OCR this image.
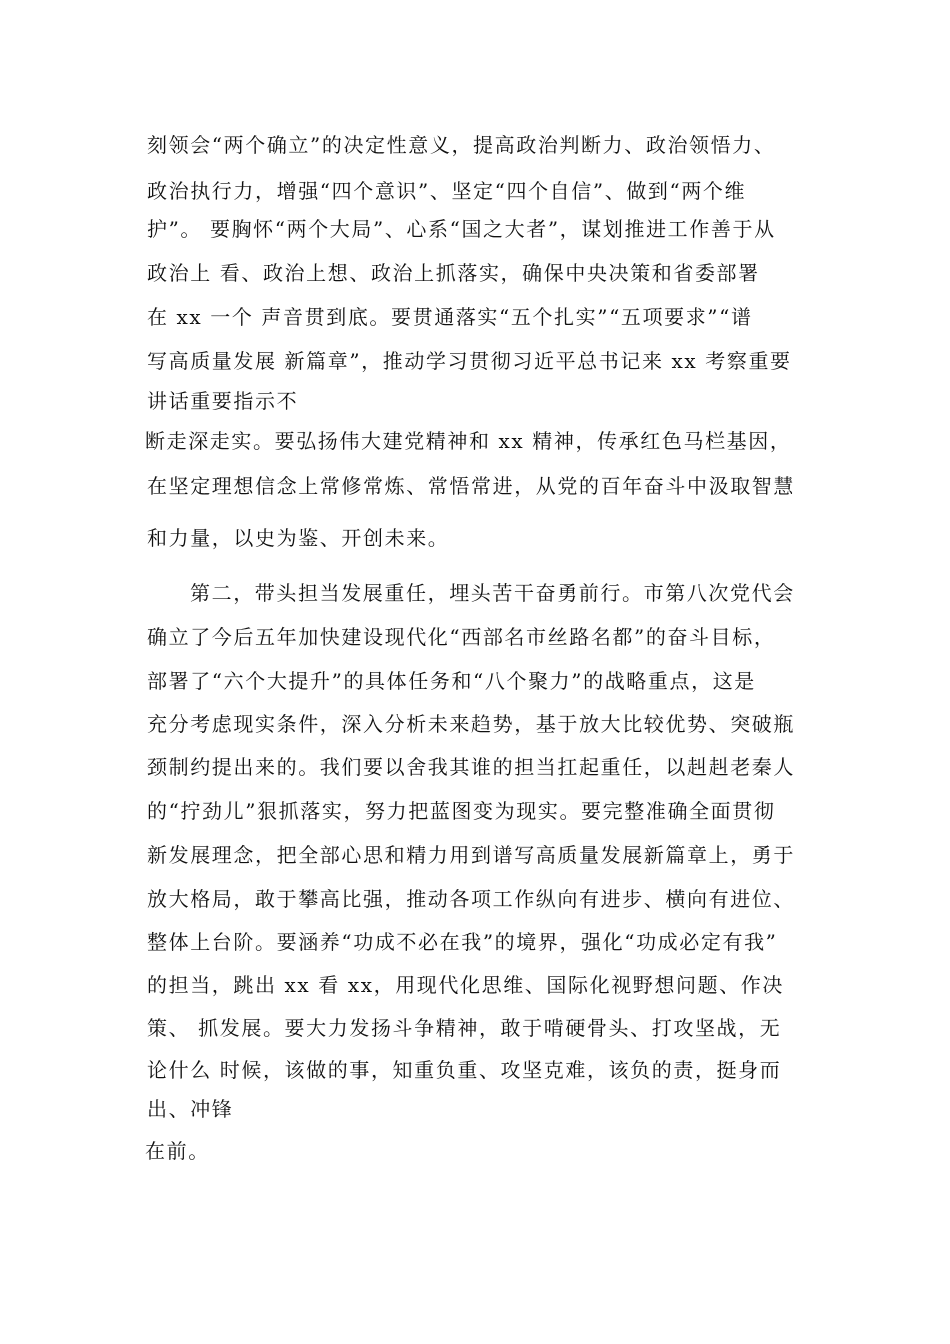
刻领会“两个确立”的决定性意义，提高政治判断力、政治领悟力、
政治执行力，增强“四个意识”、坚定“四个自信”、做到“两个维
护”。 要胸怀“两个大局”、心系“国之大者”，谋划推进工作善于从
政治上 看、政治上想、政治上抓落实，确保中央决策和省委部署
在 xx 一个 声音贯到底。要贯通落实“五个扎实”“五项要求”“谱
写高质量发展 新篇章”，推动学习贯彻习近平总书记来 xx 考察重要
讲话重要指示不
断走深走实。要弘扬伟大建党精神和 xx 精神，传承红色马栏基因，
在坚定理想信念上常修常炼、常悟常进，从党的百年奋斗中汲取智慧
和力量，以史为鉴、开创未来。
第二，带头担当发展重任，埋头苦干奋勇前行。市第八次党代会
确立了今后五年加快建设现代化“西部名市丝路名都”的奋斗目标，
部署了“六个大提升”的具体任务和“八个聚力”的战略重点，这是
充分考虑现实条件，深入分析未来趋势，基于放大比较优势、突破瓶
颈制约提出来的。我们要以舍我其谁的担当扛起重任，以赳赳老秦人
的“拧劲儿”狠抓落实，努力把蓝图变为现实。要完整准确全面贯彻
新发展理念，把全部心思和精力用到谱写高质量发展新篇章上，勇于
放大格局，敢于攀高比强，推动各项工作纵向有进步、横向有进位、
整体上台阶。要涵养“功成不必在我”的境界，强化“功成必定有我”
的担当，跳出 xx 看 xx，用现代化思维、国际化视野想问题、作决
策、 抓发展。要大力发扬斗争精神，敢于啃硬骨头、打攻坚战，无
论什么 时候，该做的事，知重负重、攻坚克难，该负的责，挺身而
出、冲锋
在前。
